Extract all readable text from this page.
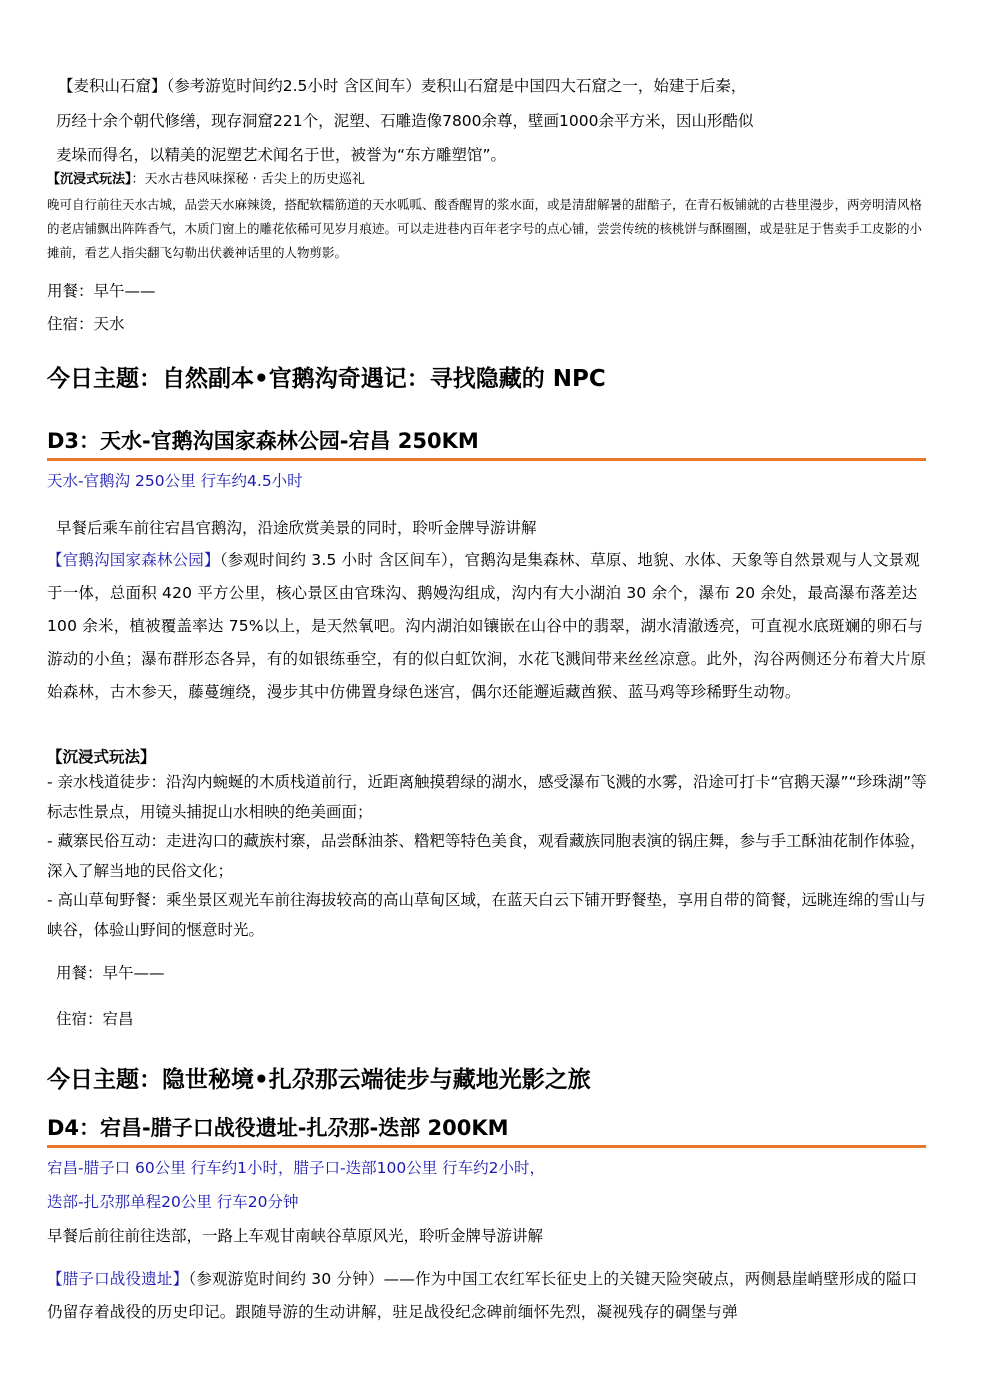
【麦积山石窟】（参考游览时间约2.5小时 含区间车）麦积山石窟是中国四大石窟之一，始建于后秦，

历经十余个朝代修缮，现存洞窟221个，泥塑、石雕造像7800余尊，壁画1000余平方米，因山形酷似

麦垛而得名，以精美的泥塑艺术闻名于世，被誉为“东方雕塑馆”。

【沉浸式玩法】：天水古巷风味探秘 · 舌尖上的历史巡礼

晚可自行前往天水古城，品尝天水麻辣烫，搭配软糯筋道的天水呱呱、酸香醒胃的浆水面，或是清甜解暑的甜醅子，在青石板铺就的古巷里漫步，两旁明清风格的老店铺飘出阵阵香气，木质门窗上的雕花依稀可见岁月痕迹。可以走进巷内百年老字号的点心铺，尝尝传统的核桃饼与酥圈圈，或是驻足于售卖手工皮影的小摊前，看艺人指尖翻飞勾勒出伏羲神话里的人物剪影。

用餐：早午——

住宿：天水

今日主题：自然副本•官鹅沟奇遇记：寻找隐藏的 NPC
D3：天水-官鹅沟国家森林公园-宕昌 250KM

天水-官鹅沟 250公里 行车约4.5小时

早餐后乘车前往宕昌官鹅沟，沿途欣赏美景的同时，聆听金牌导游讲解

【官鹅沟国家森林公园】（参观时间约 3.5 小时 含区间车），官鹅沟是集森林、草原、地貌、水体、天象等自然景观与人文景观于一体，总面积 420 平方公里，核心景区由官珠沟、鹅嫚沟组成，沟内有大小湖泊 30 余个，瀑布 20 余处，最高瀑布落差达 100 余米，植被覆盖率达 75%以上，是天然氧吧。沟内湖泊如镶嵌在山谷中的翡翠，湖水清澈透亮，可直视水底斑斓的卵石与游动的小鱼；瀑布群形态各异，有的如银练垂空，有的似白虹饮涧，水花飞溅间带来丝丝凉意。此外，沟谷两侧还分布着大片原始森林，古木参天，藤蔓缠绕，漫步其中仿佛置身绿色迷宫，偶尔还能邂逅藏酋猴、蓝马鸡等珍稀野生动物。

【沉浸式玩法】

- 亲水栈道徒步：沿沟内蜿蜒的木质栈道前行，近距离触摸碧绿的湖水，感受瀑布飞溅的水雾，沿途可打卡“官鹅天瀑”“珍珠湖”等标志性景点，用镜头捕捉山水相映的绝美画面；
- 藏寨民俗互动：走进沟口的藏族村寨，品尝酥油茶、糌粑等特色美食，观看藏族同胞表演的锅庄舞，参与手工酥油花制作体验，深入了解当地的民俗文化；
- 高山草甸野餐：乘坐景区观光车前往海拔较高的高山草甸区域，在蓝天白云下铺开野餐垫，享用自带的简餐，远眺连绵的雪山与峡谷，体验山野间的惬意时光。

用餐：早午——

住宿：宕昌

今日主题：隐世秘境•扎尕那云端徒步与藏地光影之旅
D4：宕昌-腊子口战役遗址-扎尕那-迭部 200KM

宕昌-腊子口 60公里 行车约1小时，腊子口-迭部100公里 行车约2小时，

迭部-扎尕那单程20公里 行车20分钟

早餐后前往前往迭部，一路上车观甘南峡谷草原风光，聆听金牌导游讲解

【腊子口战役遗址】（参观游览时间约 30 分钟）——作为中国工农红军长征史上的关键天险突破点，两侧悬崖峭壁形成的隘口仍留存着战役的历史印记。跟随导游的生动讲解，驻足战役纪念碑前缅怀先烈，凝视残存的碉堡与弹
